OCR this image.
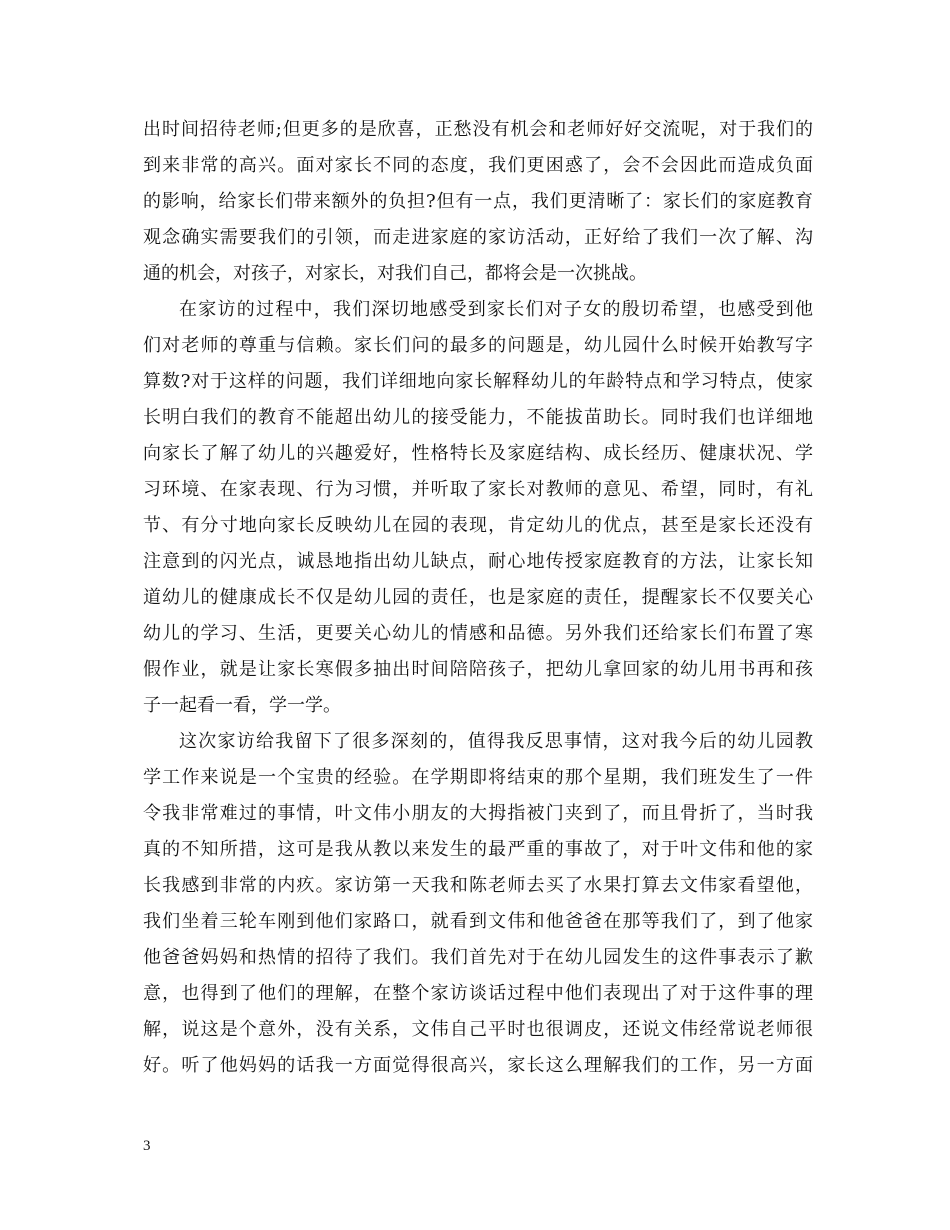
出时间招待老师;但更多的是欣喜，正愁没有机会和老师好好交流呢，对于我们的
到来非常的高兴。面对家长不同的态度，我们更困惑了，会不会因此而造成负面
的影响，给家长们带来额外的负担?但有一点，我们更清晰了：家长们的家庭教育
观念确实需要我们的引领，而走进家庭的家访活动，正好给了我们一次了解、沟
通的机会，对孩子，对家长，对我们自己，都将会是一次挑战。
在家访的过程中，我们深切地感受到家长们对子女的殷切希望，也感受到他
们对老师的尊重与信赖。家长们问的最多的问题是，幼儿园什么时候开始教写字
算数?对于这样的问题，我们详细地向家长解释幼儿的年龄特点和学习特点，使家
长明白我们的教育不能超出幼儿的接受能力，不能拔苗助长。同时我们也详细地
向家长了解了幼儿的兴趣爱好，性格特长及家庭结构、成长经历、健康状况、学
习环境、在家表现、行为习惯，并听取了家长对教师的意见、希望，同时，有礼
节、有分寸地向家长反映幼儿在园的表现，肯定幼儿的优点，甚至是家长还没有
注意到的闪光点，诚恳地指出幼儿缺点，耐心地传授家庭教育的方法，让家长知
道幼儿的健康成长不仅是幼儿园的责任，也是家庭的责任，提醒家长不仅要关心
幼儿的学习、生活，更要关心幼儿的情感和品德。另外我们还给家长们布置了寒
假作业，就是让家长寒假多抽出时间陪陪孩子，把幼儿拿回家的幼儿用书再和孩
子一起看一看，学一学。
这次家访给我留下了很多深刻的，值得我反思事情，这对我今后的幼儿园教
学工作来说是一个宝贵的经验。在学期即将结束的那个星期，我们班发生了一件
令我非常难过的事情，叶文伟小朋友的大拇指被门夹到了，而且骨折了，当时我
真的不知所措，这可是我从教以来发生的最严重的事故了，对于叶文伟和他的家
长我感到非常的内疚。家访第一天我和陈老师去买了水果打算去文伟家看望他，
我们坐着三轮车刚到他们家路口，就看到文伟和他爸爸在那等我们了，到了他家
他爸爸妈妈和热情的招待了我们。我们首先对于在幼儿园发生的这件事表示了歉
意，也得到了他们的理解，在整个家访谈话过程中他们表现出了对于这件事的理
解，说这是个意外，没有关系，文伟自己平时也很调皮，还说文伟经常说老师很
好。听了他妈妈的话我一方面觉得很高兴，家长这么理解我们的工作，另一方面
3
